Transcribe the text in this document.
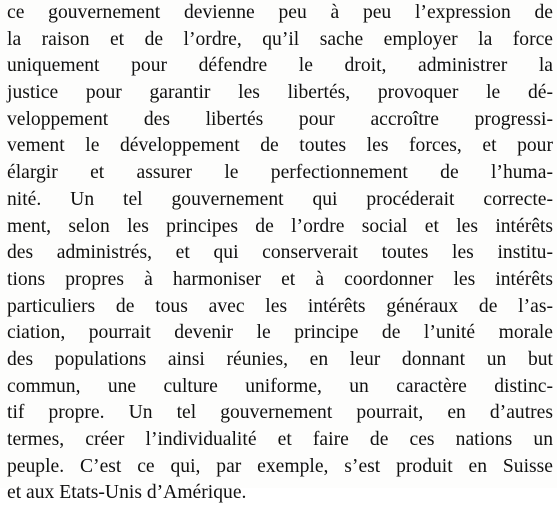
ce gouvernement devienne peu à peu l’expression de
la raison et de l’ordre, qu’il sache employer la force
uniquement pour défendre le droit, administrer la
justice pour garantir les libertés, provoquer le dé-
veloppement des libertés pour accroître progressi-
vement le développement de toutes les forces, et pour
élargir et assurer le perfectionnement de l’huma-
nité. Un tel gouvernement qui procéderait correcte-
ment, selon les principes de l’ordre social et les intérêts
des administrés, et qui conserverait toutes les institu-
tions propres à harmoniser et à coordonner les intérêts
particuliers de tous avec les intérêts généraux de l’as-
ciation, pourrait devenir le principe de l’unité morale
des populations ainsi réunies, en leur donnant un but
commun, une culture uniforme, un caractère distinc-
tif propre. Un tel gouvernement pourrait, en d’autres
termes, créer l’individualité et faire de ces nations un
peuple. C’est ce qui, par exemple, s’est produit en Suisse
et aux Etats-Unis d’Amérique.
